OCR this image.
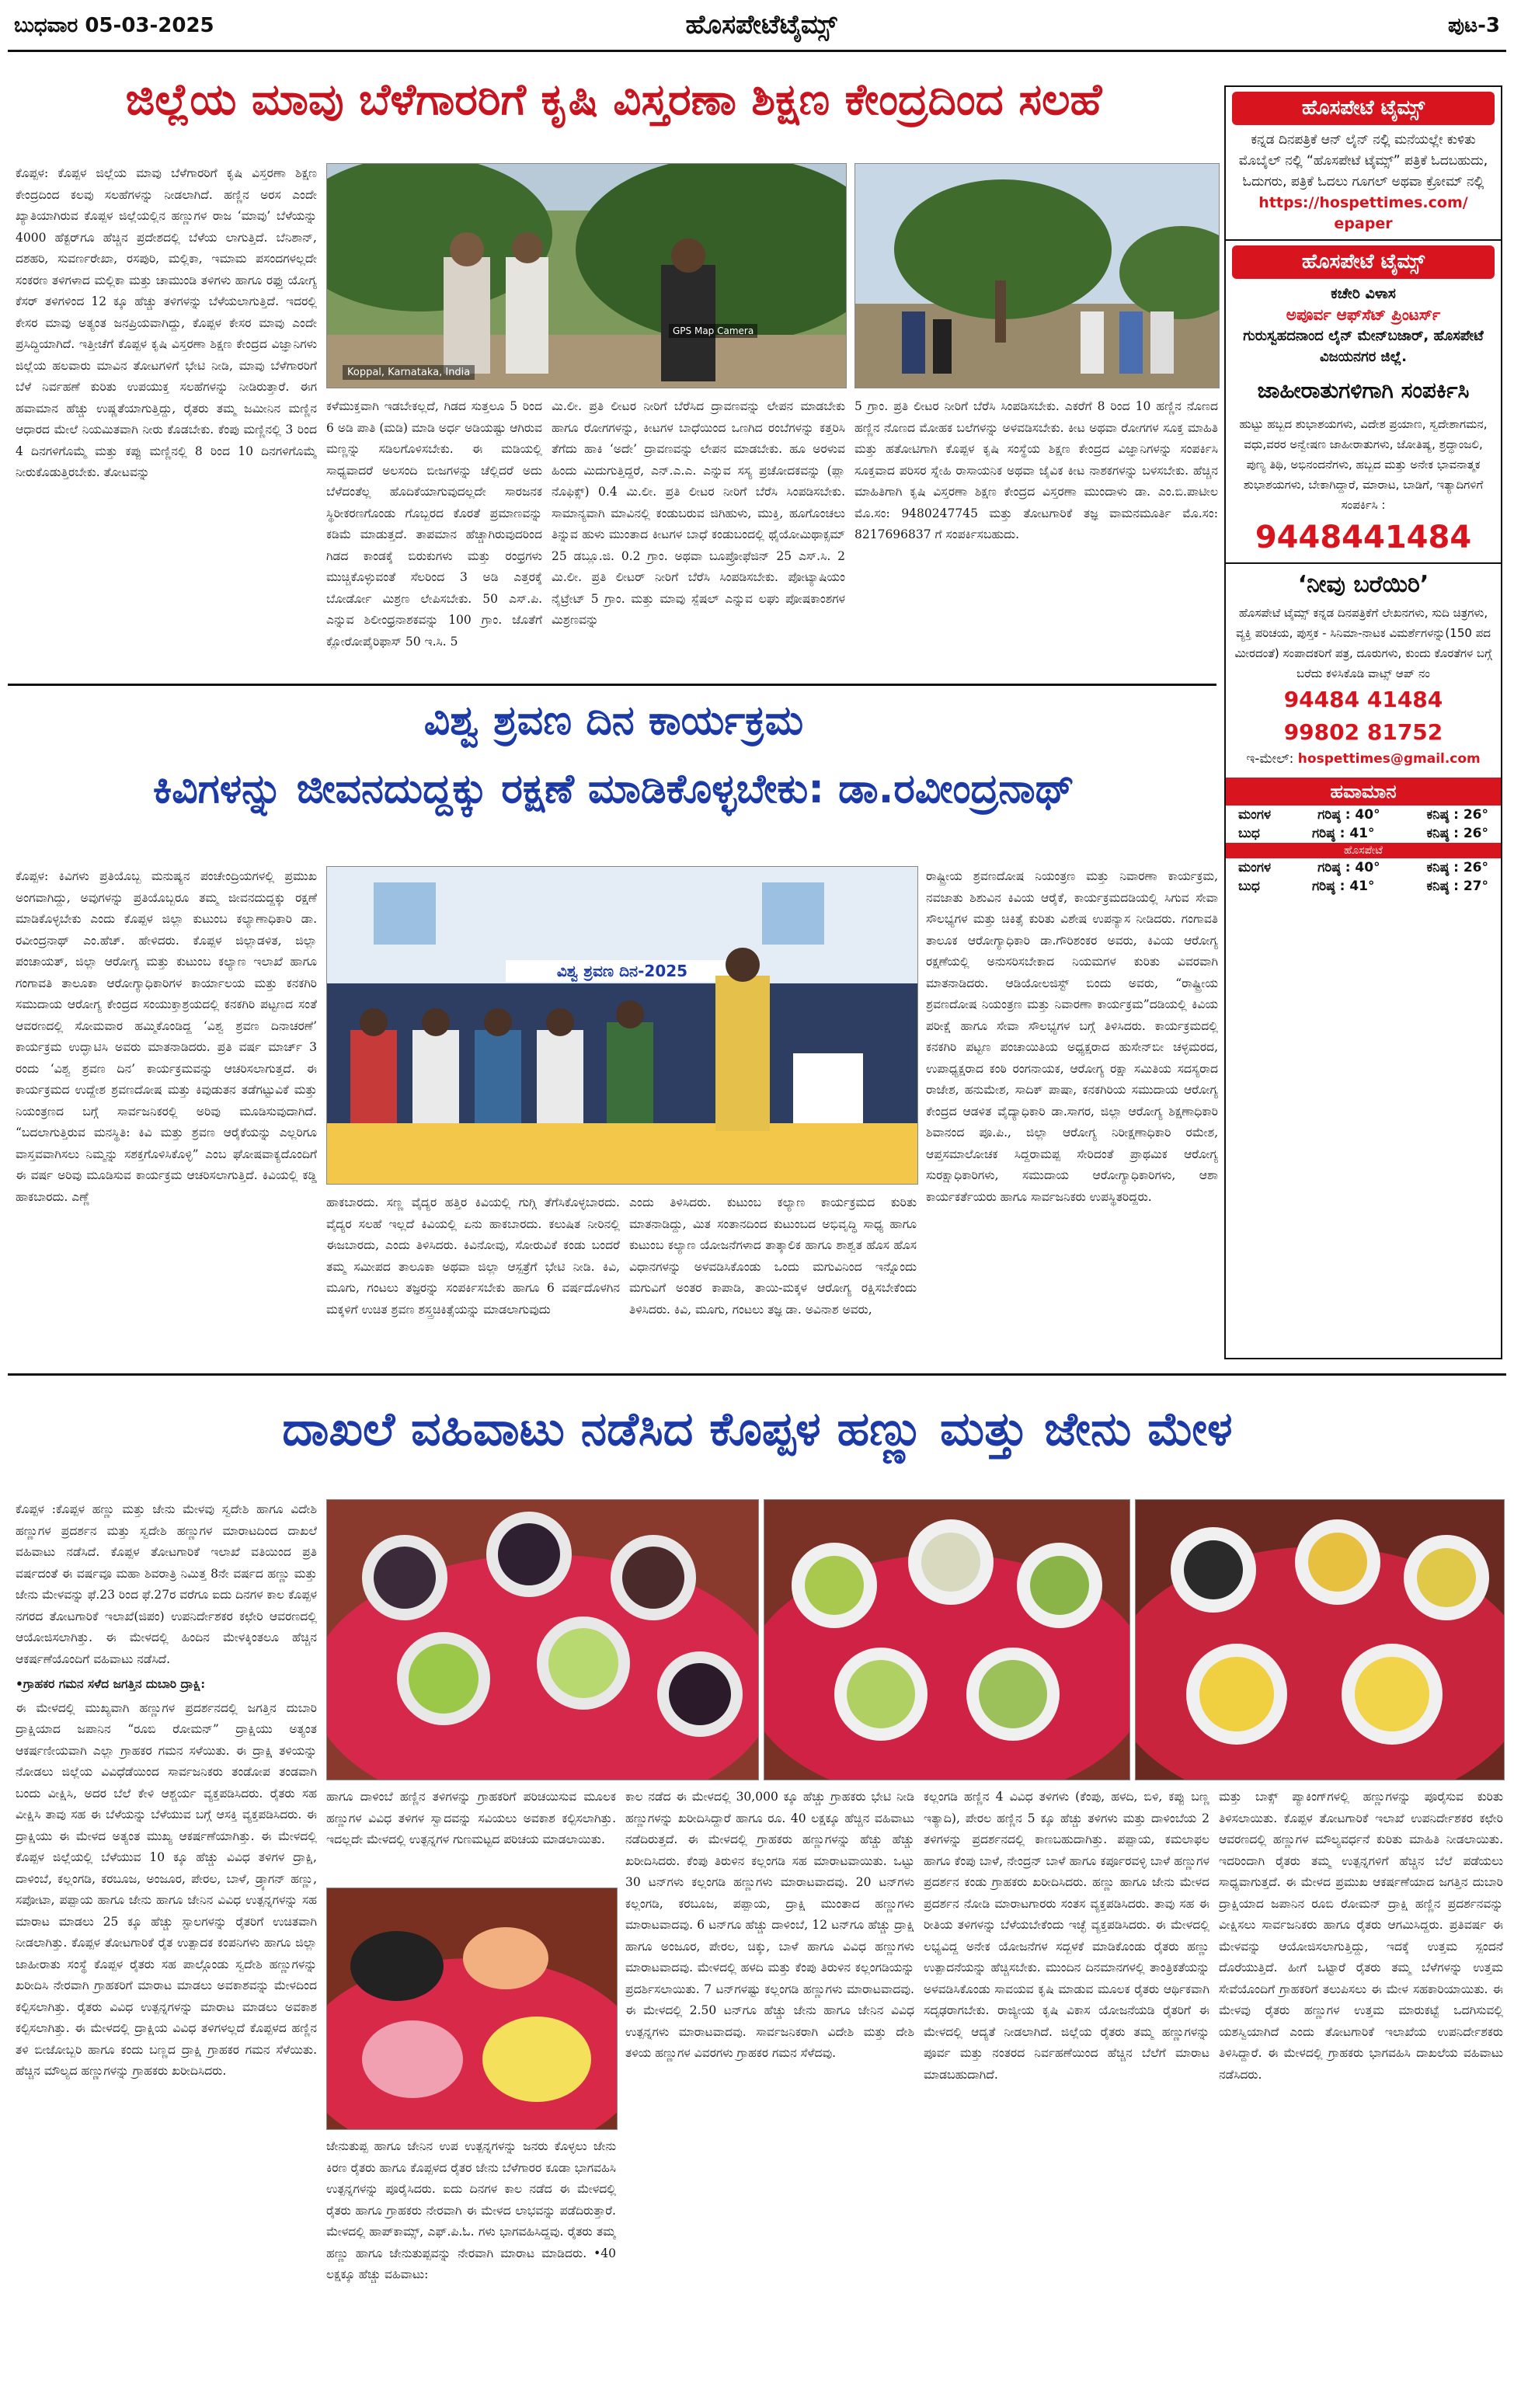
ಬುಧವಾರ 05-03-2025	ಹೊಸಪೇಟೆಟೈಮ್ಸ್	ಪುಟ-3
ಜಿಲ್ಲೆಯ ಮಾವು ಬೆಳೆಗಾರರಿಗೆ ಕೃಷಿ ವಿಸ್ತರಣಾ ಶಿಕ್ಷಣ ಕೇಂದ್ರದಿಂದ ಸಲಹೆ
Koppal, Karnataka, India
GPS Map Camera

ಕೊಪ್ಪಳ: ಕೊಪ್ಪಳ ಜಿಲ್ಲೆಯ ಮಾವು ಬೆಳೆಗಾರರಿಗೆ ಕೃಷಿ ವಿಸ್ತರಣಾ ಶಿಕ್ಷಣ ಕೇಂದ್ರದಿಂದ ಕಲವು ಸಲಹೆಗಳನ್ನು ನೀಡಲಾಗಿದೆ. ಹಣ್ಣಿನ ಅರಸ ಎಂದೇ ಖ್ಯಾತಿಯಾಗಿರುವ ಕೊಪ್ಪಳ ಜಿಲ್ಲೆಯಲ್ಲಿನ ಹಣ್ಣುಗಳ ರಾಜ ‘ಮಾವು’ ಬೆಳೆಯನ್ನು 4000 ಹೆಕ್ಟರ್‌ಗೂ ಹೆಚ್ಚಿನ ಪ್ರದೇಶದಲ್ಲಿ ಬೆಳೆಯ ಲಾಗುತ್ತಿದೆ. ಬೆನಿಶಾನ್, ದಶಹರಿ, ಸುವರ್ಣರೇಖಾ, ರಸಪುರಿ, ಮಲ್ಲಿಕಾ, ಇಮಾಮ ಪಸಂದಗಳಲ್ಲದೇ ಸಂಕರಣ ತಳಿಗಳಾದ ಮಲ್ಲಿಕಾ ಮತ್ತು ಚಾಮುಂಡಿ ತಳಿಗಳು ಹಾಗೂ ರಫ್ತು ಯೋಗ್ಯ ಕೆಸರ್ ತಳಿಗಳಿಂದ 12 ಕ್ಕೂ ಹೆಚ್ಚು ತಳಿಗಳನ್ನು ಬೆಳೆಯಲಾಗುತ್ತಿದೆ. ಇದರಲ್ಲಿ ಕೇಸರ ಮಾವು ಅತ್ಯಂತ ಜನಪ್ರಿಯವಾಗಿದ್ದು, ಕೊಪ್ಪಳ ಕೇಸರ ಮಾವು ಎಂದೇ ಪ್ರಸಿದ್ಧಿಯಾಗಿದೆ. ಇತ್ತೀಚೆಗೆ ಕೊಪ್ಪಳ ಕೃಷಿ ವಿಸ್ತರಣಾ ಶಿಕ್ಷಣ ಕೇಂದ್ರದ ವಿಜ್ಞಾನಿಗಳು ಜಿಲ್ಲೆಯ ಹಲವಾರು ಮಾವಿನ ತೋಟಗಳಿಗೆ ಭೇಟಿ ನೀಡಿ, ಮಾವು ಬೆಳೆಗಾರರಿಗೆ ಬೆಳೆ ನಿರ್ವಹಣೆ ಕುರಿತು ಉಪಯುಕ್ತ ಸಲಹೆಗಳನ್ನು ನೀಡಿರುತ್ತಾರೆ. ಈಗ ಹವಾಮಾನ ಹೆಚ್ಚು ಉಷ್ಣತೆಯಾಗುತ್ತಿದ್ದು, ರೈತರು ತಮ್ಮ ಜಮೀನಿನ ಮಣ್ಣಿನ ಆಧಾರದ ಮೇಲೆ ನಿಯಮಿತವಾಗಿ ನೀರು ಕೊಡಬೇಕು. ಕೆಂಪು ಮಣ್ಣಿನಲ್ಲಿ 3 ರಿಂದ 4 ದಿನಗಳಿಗೊಮ್ಮೆ ಮತ್ತು ಕಪ್ಪು ಮಣ್ಣಿನಲ್ಲಿ 8 ರಿಂದ 10 ದಿನಗಳಿಗೊಮ್ಮೆ ನೀರುಕೊಡುತ್ತಿರಬೇಕು. ತೋಟವನ್ನು

ಕಳೆಮುಕ್ತವಾಗಿ ಇಡಬೇಕಲ್ಲದೆ, ಗಿಡದ ಸುತ್ತಲೂ 5 ರಿಂದ 6 ಅಡಿ ಪಾತಿ (ಮಡಿ) ಮಾಡಿ ಅರ್ಧ ಅಡಿಯಷ್ಟು ಆಗಿರುವ ಮಣ್ಣನ್ನು ಸಡಿಲಗೊಳಿಸಬೇಕು. ಈ ಮಡಿಯಲ್ಲಿ ಸಾಧ್ಯವಾದರೆ ಅಲಸಂದಿ ಬೀಜಗಳನ್ನು ಚೆಲ್ಲಿದರೆ ಅದು ಬೆಳೆದಂತೆಲ್ಲ ಹೊದಿಕೆಯಾಗುವುದಲ್ಲದೇ ಸಾರಜನಕ ಸ್ಥಿರೀಕರಣಗೊಂಡು ಗೊಬ್ಬರದ ಕೊರತೆ ಪ್ರಮಾಣವನ್ನು ಕಡಿಮೆ ಮಾಡುತ್ತದೆ. ತಾಪಮಾನ ಹೆಚ್ಚಾಗಿರುವುದರಿಂದ ಗಿಡದ ಕಾಂಡಕ್ಕೆ ಬಿರುಕುಗಳು ಮತ್ತು ರಂಧ್ರಗಳು ಮುಚ್ಚಿಕೊಳ್ಳುವಂತೆ ಸೆಲರಿಂದ 3 ಅಡಿ ಎತ್ತರಕ್ಕೆ ಬೋರ್ಡೋ ಮಿಶ್ರಣ ಲೇಪಿಸಬೇಕು. 50 ಎಸ್.ಪಿ. ಎನ್ನುವ ಶಿಲೀಂಧ್ರನಾಶಕವನ್ನು 100 ಗ್ರಾಂ. ಜೊತೆಗೆ ಕ್ಲೋರೋಪೈರಿಫಾಸ್ 50 ಇ.ಸಿ. 5

ಮಿ.ಲೀ. ಪ್ರತಿ ಲೀಟರ ನೀರಿಗೆ ಬೆರೆಸಿದ ದ್ರಾವಣವನ್ನು ಲೇಪನ ಮಾಡಬೇಕು ಹಾಗೂ ರೋಗಗಳನ್ನು, ಕೀಟಗಳ ಬಾಧೆಯಿಂದ ಒಣಗಿದ ರಂಬೆಗಳನ್ನು ಕತ್ತರಿಸಿ ತೆಗೆದು ಹಾಕಿ ‘ಅದೇ’ ದ್ರಾವಣವನ್ನು ಲೇಪನ ಮಾಡಬೇಕು. ಹೂ ಅರಳುವ ಹಿಂದು ಮಿದುಗುತ್ತಿದ್ದರೆ, ಎನ್.ಎ.ಎ. ಎನ್ನುವ ಸಸ್ಯ ಪ್ರಚೋದಕವನ್ನು (ಪ್ಲಾ ನೊಫಿಕ್ಸ್) 0.4 ಮಿ.ಲೀ. ಪ್ರತಿ ಲೀಟರ ನೀರಿಗೆ ಬೆರೆಸಿ ಸಿಂಪಡಿಸಬೇಕು. ಸಾಮಾನ್ಯವಾಗಿ ಮಾವಿನಲ್ಲಿ ಕಂಡುಬರುವ ಜಿಗಿಹುಳು, ಮುಕ್ತಿ, ಹೂಗೊಂಚಲು ತಿನ್ನುವ ಹುಳು ಮುಂತಾದ ಕೀಟಗಳ ಬಾಧೆ ಕಂಡುಬಂದಲ್ಲಿ ಥೈಯೋಮಿಥಾಕ್ಸಮ್ 25 ಡಬ್ಲೂ.ಜಿ. 0.2 ಗ್ರಾಂ. ಅಥವಾ ಬೂಪ್ರೋಫೆಜಿನ್ 25 ಎಸ್.ಸಿ. 2 ಮಿ.ಲೀ. ಪ್ರತಿ ಲೀಟರ್ ನೀರಿಗೆ ಬೆರೆಸಿ ಸಿಂಪಡಿಸಬೇಕು. ಪೋಟ್ಯಾಷಿಯಂ ನೈಟ್ರೇಟ್ 5 ಗ್ರಾಂ. ಮತ್ತು ಮಾವು ಸ್ಪೆಷಲ್ ಎನ್ನುವ ಲಘು ಪೋಷಕಾಂಶಗಳ ಮಿಶ್ರಣವನ್ನು

5 ಗ್ರಾಂ. ಪ್ರತಿ ಲೀಟರ ನೀರಿಗೆ ಬೆರೆಸಿ ಸಿಂಪಡಿಸಬೇಕು. ಎಕರೆಗೆ 8 ರಿಂದ 10 ಹಣ್ಣಿನ ನೊಣದ ಹಣ್ಣಿನ ನೊಣದ ಮೋಹಕ ಬಲೆಗಳನ್ನು ಅಳವಡಿಸಬೇಕು. ಕೀಟ ಅಥವಾ ರೋಗಗಳ ಸೂಕ್ತ ಮಾಹಿತಿ ಮತ್ತು ಹತೋಟಿಗಾಗಿ ಕೊಪ್ಪಳ ಕೃಷಿ ಸಂಸ್ಥೆಯ ಶಿಕ್ಷಣ ಕೇಂದ್ರದ ವಿಜ್ಞಾನಿಗಳನ್ನು ಸಂಪರ್ಕಿಸಿ ಸೂಕ್ತವಾದ ಪರಿಸರ ಸ್ನೇಹಿ ರಾಸಾಯನಿಕ ಅಥವಾ ಜೈವಿಕ ಕೀಟ ನಾಶಕಗಳನ್ನು ಬಳಸಬೇಕು. ಹೆಚ್ಚಿನ ಮಾಹಿತಿಗಾಗಿ ಕೃಷಿ ವಿಸ್ತರಣಾ ಶಿಕ್ಷಣ ಕೇಂದ್ರದ ವಿಸ್ತರಣಾ ಮುಂದಾಳು ಡಾ. ಎಂ.ಬಿ.ಪಾಟೀಲ ಮೊ.ಸಂ: 9480247745 ಮತ್ತು ತೋಟಗಾರಿಕೆ ತಜ್ಞ ವಾಮನಮೂರ್ತಿ ಮೊ.ಸಂ: 8217696837 ಗೆ ಸಂಪರ್ಕಿಸಬಹುದು.

ವಿಶ್ವ ಶ್ರವಣ ದಿನ ಕಾರ್ಯಕ್ರಮ
ಕಿವಿಗಳನ್ನು ಜೀವನದುದ್ದಕ್ಕು ರಕ್ಷಣೆ ಮಾಡಿಕೊಳ್ಳಬೇಕು: ಡಾ.ರವೀಂದ್ರನಾಥ್
ವಿಶ್ವ ಶ್ರವಣ ದಿನ-2025

ಕೊಪ್ಪಳ: ಕಿವಿಗಳು ಪ್ರತಿಯೊಬ್ಬ ಮನುಷ್ಯನ ಪಂಚೇಂದ್ರಿಯಗಳಲ್ಲಿ ಪ್ರಮುಖ ಅಂಗವಾಗಿದ್ದು, ಅವುಗಳನ್ನು ಪ್ರತಿಯೊಬ್ಬರೂ ತಮ್ಮ ಜೀವನದುದ್ದಕ್ಕು ರಕ್ಷಣೆ ಮಾಡಿಕೊಳ್ಳಬೇಕು ಎಂದು ಕೊಪ್ಪಳ ಜಿಲ್ಲಾ ಕುಟುಂಬ ಕಲ್ಯಾಣಾಧಿಕಾರಿ ಡಾ. ರವೀಂದ್ರನಾಥ್ ಎಂ.ಹೆಚ್. ಹೇಳಿದರು. ಕೊಪ್ಪಳ ಜಿಲ್ಲಾಡಳಿತ, ಜಿಲ್ಲಾ ಪಂಚಾಯತ್, ಜಿಲ್ಲಾ ಆರೋಗ್ಯ ಮತ್ತು ಕುಟುಂಬ ಕಲ್ಯಾಣ ಇಲಾಖೆ ಹಾಗೂ ಗಂಗಾವತಿ ತಾಲೂಕಾ ಆರೋಗ್ಯಾಧಿಕಾರಿಗಳ ಕಾರ್ಯಾಲಯ ಮತ್ತು ಕನಕಗಿರಿ ಸಮುದಾಯ ಆರೋಗ್ಯ ಕೇಂದ್ರದ ಸಂಯುಕ್ತಾಶ್ರಯದಲ್ಲಿ ಕನಕಗಿರಿ ಪಟ್ಟಣದ ಸಂತೆ ಆವರಣದಲ್ಲಿ ಸೋಮವಾರ ಹಮ್ಮಿಕೊಂಡಿದ್ದ ‘ವಿಶ್ವ ಶ್ರವಣ ದಿನಾಚರಣೆ’ ಕಾರ್ಯಕ್ರಮ ಉದ್ಘಾಟಿಸಿ ಅವರು ಮಾತನಾಡಿದರು. ಪ್ರತಿ ವರ್ಷ ಮಾರ್ಚ್ 3 ರಂದು ‘ವಿಶ್ವ ಶ್ರವಣ ದಿನ’ ಕಾರ್ಯಕ್ರಮವನ್ನು ಆಚರಿಸಲಾಗುತ್ತದೆ. ಈ ಕಾರ್ಯಕ್ರಮದ ಉದ್ದೇಶ ಶ್ರವಣದೋಷ ಮತ್ತು ಕಿವುಡುತನ ತಡೆಗಟ್ಟುವಿಕೆ ಮತ್ತು ನಿಯಂತ್ರಣದ ಬಗ್ಗೆ ಸಾರ್ವಜನಿಕರಲ್ಲಿ ಅರಿವು ಮೂಡಿಸುವುದಾಗಿದೆ. “ಬದಲಾಗುತ್ತಿರುವ ಮನಸ್ಥಿತಿ: ಕಿವಿ ಮತ್ತು ಶ್ರವಣ ಆರೈಕೆಯನ್ನು ಎಲ್ಲರಿಗೂ ವಾಸ್ತವವಾಗಿಸಲು ನಿಮ್ಮನ್ನು ಸಶಕ್ತಗೊಳಿಸಿಕೊಳ್ಳಿ” ಎಂಬ ಘೋಷವಾಕ್ಯದೊಂದಿಗೆ ಈ ವರ್ಷ ಅರಿವು ಮೂಡಿಸುವ ಕಾರ್ಯಕ್ರಮ ಆಚರಿಸಲಾಗುತ್ತಿದೆ. ಕಿವಿಯಲ್ಲಿ ಕಡ್ಡಿ ಹಾಕಬಾರದು. ಎಣ್ಣೆ	ಹಾಕಬಾರದು. ಸಣ್ಣ ವೈದ್ಯರ ಹತ್ತಿರ ಕಿವಿಯಲ್ಲಿ ಗುಗ್ಗಿ ತೆಗೆಸಿಕೊಳ್ಳಬಾರದು. ವೈದ್ಯರ ಸಲಹೆ ಇಲ್ಲದೆ ಕಿವಿಯಲ್ಲಿ ಏನು ಹಾಕಬಾರದು. ಕಲುಷಿತ ನೀರಿನಲ್ಲಿ ಈಜಬಾರದು, ಎಂದು ತಿಳಿಸಿದರು. ಕಿವಿನೋವು, ಸೋರುವಿಕೆ ಕಂಡು ಬಂದರೆ ತಮ್ಮ ಸಮೀಪದ ತಾಲೂಕಾ ಅಥವಾ ಜಿಲ್ಲಾ ಆಸ್ಪತ್ರೆಗೆ ಭೇಟಿ ನೀಡಿ. ಕಿವಿ, ಮೂಗು, ಗಂಟಲು ತಜ್ಞರನ್ನು ಸಂಪರ್ಕಿಸಬೇಕು ಹಾಗೂ 6 ವರ್ಷದೊಳಗಿನ ಮಕ್ಕಳಿಗೆ ಉಚಿತ ಶ್ರವಣ ಶಸ್ತ್ರಚಿಕಿತ್ಸೆಯನ್ನು ಮಾಡಲಾಗುವುದು

ಎಂದು ತಿಳಿಸಿದರು. ಕುಟುಂಬ ಕಲ್ಯಾಣ ಕಾರ್ಯಕ್ರಮದ ಕುರಿತು ಮಾತನಾಡಿದ್ದು, ಮಿತ ಸಂತಾನದಿಂದ ಕುಟುಂಬದ ಅಭಿವೃದ್ಧಿ ಸಾಧ್ಯ ಹಾಗೂ ಕುಟುಂಬ ಕಲ್ಯಾಣ ಯೋಜನೆಗಳಾದ ತಾತ್ಕಾಲಿಕ ಹಾಗೂ ಶಾಶ್ವತ ಹೊಸ ಹೊಸ ವಿಧಾನಗಳನ್ನು ಅಳವಡಿಸಿಕೊಂಡು ಒಂದು ಮಗುವಿನಿಂದ ಇನ್ನೊಂದು ಮಗುವಿಗೆ ಅಂತರ ಕಾಪಾಡಿ, ತಾಯಿ-ಮಕ್ಕಳ ಆರೋಗ್ಯ ರಕ್ಷಿಸಬೇಕೆಂದು ತಿಳಿಸಿದರು. ಕಿವಿ, ಮೂಗು, ಗಂಟಲು ತಜ್ಞ ಡಾ. ಅವಿನಾಶ ಅವರು,

ರಾಷ್ಟ್ರೀಯ ಶ್ರವಣದೋಷ ನಿಯಂತ್ರಣ ಮತ್ತು ನಿವಾರಣಾ ಕಾರ್ಯಕ್ರಮ, ನವಜಾತು ಶಿಶುವಿನ ಕಿವಿಯ ಆರೈಕೆ, ಕಾರ್ಯಕ್ರಮದಡಿಯಲ್ಲಿ ಸಿಗುವ ಸೇವಾ ಸೌಲಭ್ಯಗಳ ಮತ್ತು ಚಿಕಿತ್ಸೆ ಕುರಿತು ವಿಶೇಷ ಉಪನ್ಯಾಸ ನೀಡಿದರು. ಗಂಗಾವತಿ ತಾಲೂಕ ಆರೋಗ್ಯಾಧಿಕಾರಿ ಡಾ.ಗೌರಿಶಂಕರ ಅವರು, ಕಿವಿಯ ಆರೋಗ್ಯ ರಕ್ಷಣೆಯಲ್ಲಿ ಅನುಸರಿಸಬೇಕಾದ ನಿಯಮಗಳ ಕುರಿತು ವಿವರವಾಗಿ ಮಾತನಾಡಿದರು. ಆಡಿಯೋಲಜಿಸ್ಟ್ ಬಿಂದು ಅವರು, “ರಾಷ್ಟ್ರೀಯ ಶ್ರವಣದೋಷ ನಿಯಂತ್ರಣ ಮತ್ತು ನಿವಾರಣಾ ಕಾರ್ಯಕ್ರಮ”ದಡಿಯಲ್ಲಿ ಕಿವಿಯ ಪರೀಕ್ಷೆ ಹಾಗೂ ಸೇವಾ ಸೌಲಭ್ಯಗಳ ಬಗ್ಗೆ ತಿಳಿಸಿದರು. ಕಾರ್ಯಕ್ರಮದಲ್ಲಿ ಕನಕಗಿರಿ ಪಟ್ಟಣ ಪಂಚಾಯಿತಿಯ ಅಧ್ಯಕ್ಷರಾದ ಹುಸೇನ್‌ಬೀ ಚಳ್ಳಮರದ, ಉಪಾಧ್ಯಕ್ಷರಾದ ಕಂಠಿ ರಂಗನಾಯಕ, ಆರೋಗ್ಯ ರಕ್ಷಾ ಸಮಿತಿಯ ಸದಸ್ಯರಾದ ರಾಜೇಶ, ಹನುಮೇಶ, ಸಾದಿಕ್ ಪಾಷಾ, ಕನಕಗಿರಿಯ ಸಮುದಾಯ ಆರೋಗ್ಯ ಕೇಂದ್ರದ ಆಡಳಿತ ವೈದ್ಯಾಧಿಕಾರಿ ಡಾ.ಸಾಗರ, ಜಿಲ್ಲಾ ಆರೋಗ್ಯ ಶಿಕ್ಷಣಾಧಿಕಾರಿ ಶಿವಾನಂದ ಪೂ.ಪಿ., ಜಿಲ್ಲಾ ಆರೋಗ್ಯ ನಿರೀಕ್ಷಣಾಧಿಕಾರಿ ರಮೇಶ, ಆಪ್ತಸಮಾಲೋಚಕ ಸಿದ್ದರಾಮಪ್ಪ ಸೇರಿದಂತೆ ಪ್ರಾಥಮಿಕ ಆರೋಗ್ಯ ಸುರಕ್ಷಾಧಿಕಾರಿಗಳು, ಸಮುದಾಯ ಆರೋಗ್ಯಾಧಿಕಾರಿಗಳು, ಆಶಾ ಕಾರ್ಯಕರ್ತೆಯರು ಹಾಗೂ ಸಾರ್ವಜನಿಕರು ಉಪಸ್ಥಿತರಿದ್ದರು.

ಹೊಸಪೇಟೆ ಟೈಮ್ಸ್
ಕನ್ನಡ ದಿನಪತ್ರಿಕೆ ಆನ್ ಲೈನ್ ನಲ್ಲಿ ಮನೆಯಲ್ಲೇ ಕುಳಿತು ಮೊಬೈಲ್ ನಲ್ಲಿ “ಹೊಸಪೇಟೆ ಟೈಮ್ಸ್” ಪತ್ರಿಕೆ ಓದಬಹುದು, ಓದುಗರು, ಪತ್ರಿಕೆ ಓದಲು ಗೂಗಲ್ ಅಥವಾ ಕ್ರೋಮ್ ನಲ್ಲಿ
https://hospettimes.com/
epaper
ಹೊಸಪೇಟೆ ಟೈಮ್ಸ್
ಕಚೇರಿ ವಿಳಾಸ
ಅಪೂರ್ವ ಆಫ್‌ಸೆಟ್ ಪ್ರಿಂಟರ್ಸ್
ಗುರುಸ್ವಹದನಾಂದ ಲೈನ್ ಮೇನ್‌ಬಜಾರ್, ಹೊಸಪೇಟೆ ವಿಜಯನಗರ ಜಿಲ್ಲೆ.
ಜಾಹೀರಾತುಗಳಿಗಾಗಿ ಸಂಪರ್ಕಿಸಿ
ಹುಟ್ಟು ಹಬ್ಬದ ಶುಭಾಶಯಗಳು, ವಿದೇಶ ಪ್ರಯಾಣ, ಸ್ವದೇಶಾಗಮನ, ವಧು,ವರರ ಅನ್ವೇಷಣ ಜಾಹೀರಾತುಗಳು, ಜೋತಿಷ್ಯ, ಶ್ರದ್ಧಾಂಜಲಿ, ಪುಣ್ಯ ತಿಥಿ, ಅಭಿನಂದನೆಗಳು, ಹಬ್ಬದ ಮತ್ತು ಅನೇಕ ಭಾವನಾತ್ಮಕ ಶುಭಾಶಯಗಳು, ಬೇಕಾಗಿದ್ದಾರೆ, ಮಾರಾಟ, ಬಾಡಿಗೆ, ಇತ್ಯಾದಿಗಳಿಗೆ
ಸಂಪರ್ಕಿಸಿ :
9448441484
‘ನೀವು ಬರೆಯಿರಿ’
ಹೊಸಪೇಟೆ ಟೈಮ್ಸ್ ಕನ್ನಡ ದಿನಪತ್ರಿಕೆಗೆ ಲೇಖನಗಳು, ಸುದಿ ಚಿತ್ರಗಳು, ವ್ಯಕ್ತಿ ಪರಿಚಯ, ಪುಸ್ತಕ - ಸಿನಿಮಾ-ನಾಟಕ ವಿಮರ್ಶೆಗಳನ್ನು(150 ಪದ ಮೀರದಂತೆ) ಸಂಪಾದಕರಿಗೆ ಪತ್ರ, ದೂರುಗಳು, ಕುಂದು ಕೊರತೆಗಳ ಬಗ್ಗೆ ಬರೆದು ಕಳಿಸಿಕೊಡಿ ವಾಟ್ಸ್ ಆಪ್ ನಂ
94484 41484
99802 81752
ಇ-ಮೇಲ್: hospettimes@gmail.com
ಹವಾಮಾನ
ಮಂಗಳ	ಗರಿಷ್ಠ : 40°	ಕನಿಷ್ಠ : 26°
ಬುಧ	ಗರಿಷ್ಠ : 41°	ಕನಿಷ್ಠ : 26°
ಹೊಸಪೇಟೆ
ಮಂಗಳ	ಗರಿಷ್ಠ : 40°	ಕನಿಷ್ಠ : 26°
ಬುಧ	ಗರಿಷ್ಠ : 41°	ಕನಿಷ್ಠ : 27°
ದಾಖಲೆ ವಹಿವಾಟು ನಡೆಸಿದ ಕೊಪ್ಪಳ ಹಣ್ಣು ಮತ್ತು ಜೇನು ಮೇಳ

ಕೊಪ್ಪಳ :ಕೊಪ್ಪಳ ಹಣ್ಣು ಮತ್ತು ಜೇನು ಮೇಳವು ಸ್ವದೇಶಿ ಹಾಗೂ ವಿದೇಶಿ ಹಣ್ಣುಗಳ ಪ್ರದರ್ಶನ ಮತ್ತು ಸ್ವದೇಶಿ ಹಣ್ಣುಗಳ ಮಾರಾಟದಿಂದ ದಾಖಲೆ ವಹಿವಾಟು ನಡೆಸಿದೆ. ಕೊಪ್ಪಳ ತೋಟಗಾರಿಕೆ ಇಲಾಖೆ ವತಿಯಿಂದ ಪ್ರತಿ ವರ್ಷದಂತೆ ಈ ವರ್ಷವೂ ಮಹಾ ಶಿವರಾತ್ರಿ ನಿಮಿತ್ತ 8ನೇ ವರ್ಷದ ಹಣ್ಣು ಮತ್ತು ಜೇನು ಮೇಳವನ್ನು ಫೆ.23 ರಿಂದ ಫೆ.27ರ ವರೆಗೂ ಐದು ದಿನಗಳ ಕಾಲ ಕೊಪ್ಪಳ ನಗರದ ತೋಟಗಾರಿಕೆ ಇಲಾಖೆ(ಜಿಪಂ) ಉಪನಿರ್ದೇಶಕರ ಕಛೇರಿ ಆವರಣದಲ್ಲಿ ಆಯೋಜಿಸಲಾಗಿತ್ತು. ಈ ಮೇಳದಲ್ಲಿ ಹಿಂದಿನ ಮೇಳಕ್ಕಿಂತಲೂ ಹೆಚ್ಚಿನ ಆಕರ್ಷಣೆಯೊಂದಿಗೆ ವಹಿವಾಟು ನಡೆಸಿದೆ.

•ಗ್ರಾಹಕರ ಗಮನ ಸಳೆದ ಜಗತ್ತಿನ ದುಬಾರಿ ದ್ರಾಕ್ಷಿ:

ಈ ಮೇಳದಲ್ಲಿ ಮುಖ್ಯವಾಗಿ ಹಣ್ಣುಗಳ ಪ್ರದರ್ಶನದಲ್ಲಿ ಜಗತ್ತಿನ ದುಬಾರಿ ದ್ರಾಕ್ಷಿಯಾದ ಜಪಾನಿನ “ರೂಬಿ ರೋಮನ್” ದ್ರಾಕ್ಷಿಯು ಅತ್ಯಂತ ಆಕರ್ಷಣೀಯವಾಗಿ ಎಲ್ಲಾ ಗ್ರಾಹಕರ ಗಮನ ಸಳೆಯಿತು. ಈ ದ್ರಾಕ್ಷಿ ತಳಿಯನ್ನು ನೋಡಲು ಜಿಲ್ಲೆಯ ವಿವಿಧೆಡೆಯಿಂದ ಸಾರ್ವಜನಿಕರು ತಂಡೋಪ ತಂಡವಾಗಿ ಬಂದು ವೀಕ್ಷಿಸಿ, ಅದರ ಬೆಲೆ ಕೇಳಿ ಆಶ್ಚರ್ಯ ವ್ಯಕ್ತಪಡಿಸಿದರು. ರೈತರು ಸಹ ವೀಕ್ಷಿಸಿ ತಾವು ಸಹ ಈ ಬೆಳೆಯನ್ನು ಬೆಳೆಯುವ ಬಗ್ಗೆ ಆಸಕ್ತಿ ವ್ಯಕ್ತಪಡಿಸಿದರು. ಈ ದ್ರಾಕ್ಷಿಯು ಈ ಮೇಳದ ಅತ್ಯಂತ ಮುಖ್ಯ ಆಕರ್ಷಣೆಯಾಗಿತ್ತು. ಈ ಮೇಳದಲ್ಲಿ ಕೊಪ್ಪಳ ಜಿಲ್ಲೆಯಲ್ಲಿ ಬೆಳೆಯುವ 10 ಕ್ಕೂ ಹೆಚ್ಚು ವಿವಿಧ ತಳಿಗಳ ದ್ರಾಕ್ಷಿ, ದಾಳಿಂಬೆ, ಕಲ್ಲಂಗಡಿ, ಕರಬೂಜ, ಅಂಜೂರ, ಪೇರಲ, ಬಾಳೆ, ಡ್ರ್ಯಾಗನ್ ಹಣ್ಣು, ಸಪೋಟಾ, ಪಪ್ಪಾಯ ಹಾಗೂ ಜೇನು ಹಾಗೂ ಜೇನಿನ ವಿವಿಧ ಉತ್ಪನ್ನಗಳನ್ನು ಸಹ ಮಾರಾಟ ಮಾಡಲು 25 ಕ್ಕೂ ಹೆಚ್ಚು ಸ್ಟಾಲಗಳನ್ನು ರೈತರಿಗೆ ಉಚಿತವಾಗಿ ನೀಡಲಾಗಿತ್ತು. ಕೊಪ್ಪಳ ತೋಟಗಾರಿಕೆ ರೈತ ಉತ್ಪಾದಕ ಕಂಪನಿಗಳು ಹಾಗೂ ಜಿಲ್ಲಾ ಜಾಹೀರಾತು ಸಂಸ್ಥೆ ಕೊಪ್ಪಳ ರೈತರು ಸಹ ಪಾಲ್ಗೊಂಡು ಸ್ವದೇಶಿ ಹಣ್ಣುಗಳನ್ನು ಖರೀದಿಸಿ ನೇರವಾಗಿ ಗ್ರಾಹಕರಿಗೆ ಮಾರಾಟ ಮಾಡಲು ಅವಕಾಶವನ್ನು ಮೇಳದಿಂದ ಕಲ್ಪಿಸಲಾಗಿತ್ತು. ರೈತರು ವಿವಿಧ ಉತ್ಪನ್ನಗಳನ್ನು ಮಾರಾಟ ಮಾಡಲು ಅವಕಾಶ ಕಲ್ಪಿಸಲಾಗಿತ್ತು. ಈ ಮೇಳದಲ್ಲಿ ದ್ರಾಕ್ಷಿಯ ವಿವಿಧ ತಳಿಗಳಲ್ಲದೆ ಕೊಪ್ಪಳದ ಹಣ್ಣಿನ ತಳಿ ಬೀಜೋಬ್ಬರಿ ಹಾಗೂ ಕಂದು ಬಣ್ಣದ ದ್ರಾಕ್ಷಿ ಗ್ರಾಹಕರ ಗಮನ ಸೆಳೆಯಿತು. ಹೆಚ್ಚಿನ ಮೌಲ್ಯದ ಹಣ್ಣುಗಳನ್ನು ಗ್ರಾಹಕರು ಖರೀದಿಸಿದರು.

ಹಾಗೂ ದಾಳಿಂಬೆ ಹಣ್ಣಿನ ತಳಿಗಳನ್ನು ಗ್ರಾಹಕರಿಗೆ ಪರಿಚಯಿಸುವ ಮೂಲಕ ಹಣ್ಣುಗಳ ವಿವಿಧ ತಳಿಗಳ ಸ್ವಾದವನ್ನು ಸವಿಯಲು ಅವಕಾಶ ಕಲ್ಪಿಸಲಾಗಿತ್ತು. ಇದಲ್ಲದೇ ಮೇಳದಲ್ಲಿ ಉತ್ಪನ್ನಗಳ ಗುಣಮಟ್ಟದ ಪರಿಚಯ ಮಾಡಲಾಯಿತು.

ಜೇನುತುಪ್ಪ ಹಾಗೂ ಜೇನಿನ ಉಪ ಉತ್ಪನ್ನಗಳನ್ನು ಜನರು ಕೊಳ್ಳಲು ಜೇನು ಕಿರಣ ರೈತರು ಹಾಗೂ ಕೊಪ್ಪಳದ ರೈತರ ಜೇನು ಬೆಳೆಗಾರರ ಕೂಡಾ ಭಾಗವಹಿಸಿ ಉತ್ಪನ್ನಗಳನ್ನು ಪೂರೈಸಿದರು. ಐದು ದಿನಗಳ ಕಾಲ ನಡೆದ ಈ ಮೇಳದಲ್ಲಿ ರೈತರು ಹಾಗೂ ಗ್ರಾಹಕರು ನೇರವಾಗಿ ಈ ಮೇಳದ ಲಾಭವನ್ನು ಪಡೆದಿರುತ್ತಾರೆ. ಮೇಳದಲ್ಲಿ ಹಾಪ್‌ಕಾಮ್ಸ್, ಎಫ್.ಪಿ.ಓ. ಗಳು ಭಾಗವಹಿಸಿದ್ದವು. ರೈತರು ತಮ್ಮ ಹಣ್ಣು ಹಾಗೂ ಜೇನುತುಪ್ಪವನ್ನು ನೇರವಾಗಿ ಮಾರಾಟ ಮಾಡಿದರು. •40 ಲಕ್ಷಕ್ಕೂ ಹೆಚ್ಚು ವಹಿವಾಟು:

ಕಾಲ ನಡೆದ ಈ ಮೇಳದಲ್ಲಿ 30,000 ಕ್ಕೂ ಹೆಚ್ಚು ಗ್ರಾಹಕರು ಭೇಟಿ ನೀಡಿ ಹಣ್ಣುಗಳನ್ನು ಖರೀದಿಸಿದ್ದಾರೆ ಹಾಗೂ ರೂ. 40 ಲಕ್ಷಕ್ಕೂ ಹೆಚ್ಚಿನ ವಹಿವಾಟು ನಡೆದಿರುತ್ತದೆ. ಈ ಮೇಳದಲ್ಲಿ ಗ್ರಾಹಕರು ಹಣ್ಣುಗಳನ್ನು ಹೆಚ್ಚು ಹೆಚ್ಚು ಖರೀದಿಸಿದರು. ಕೆಂಪು ತಿರುಳಿನ ಕಲ್ಲಂಗಡಿ ಸಹ ಮಾರಾಟವಾಯಿತು. ಒಟ್ಟು 30 ಟನ್‌ಗಳು ಕಲ್ಲಂಗಡಿ ಹಣ್ಣುಗಳು ಮಾರಾಟವಾದವು. 20 ಟನ್‌ಗಳು ಕಲ್ಲಂಗಡಿ, ಕರಬೂಜ, ಪಪ್ಪಾಯ, ದ್ರಾಕ್ಷಿ ಮುಂತಾದ ಹಣ್ಣುಗಳು ಮಾರಾಟವಾದವು. 6 ಟನ್‌ಗೂ ಹೆಚ್ಚು ದಾಳಿಂಬೆ, 12 ಟನ್‌ಗೂ ಹೆಚ್ಚು ದ್ರಾಕ್ಷಿ ಹಾಗೂ ಅಂಜೂರ, ಪೇರಲ, ಚಿಕ್ಕು, ಬಾಳೆ ಹಾಗೂ ವಿವಿಧ ಹಣ್ಣುಗಳು ಮಾರಾಟವಾದವು. ಮೇಳದಲ್ಲಿ ಹಳದಿ ಮತ್ತು ಕೆಂಪು ತಿರುಳಿನ ಕಲ್ಲಂಗಡಿಯನ್ನು ಪ್ರದರ್ಶಿಸಲಾಯಿತು. 7 ಟನ್‌ಗಳಷ್ಟು ಕಲ್ಲಂಗಡಿ ಹಣ್ಣುಗಳು ಮಾರಾಟವಾದವು. ಈ ಮೇಳದಲ್ಲಿ 2.50 ಟನ್‌ಗೂ ಹೆಚ್ಚು ಜೇನು ಹಾಗೂ ಜೇನಿನ ವಿವಿಧ ಉತ್ಪನ್ನಗಳು ಮಾರಾಟವಾದವು. ಸಾರ್ವಜನಿಕರಾಗಿ ವಿದೇಶಿ ಮತ್ತು ದೇಶಿ ತಳಿಯ ಹಣ್ಣುಗಳ ವಿವರಗಳು ಗ್ರಾಹಕರ ಗಮನ ಸೆಳೆದವು.

ಕಲ್ಲಂಗಡಿ ಹಣ್ಣಿನ 4 ವಿವಿಧ ತಳಿಗಳು (ಕೆಂಪು, ಹಳದಿ, ಬಿಳಿ, ಕಪ್ಪು ಬಣ್ಣ ಇತ್ಯಾದಿ), ಪೇರಲ ಹಣ್ಣಿನ 5 ಕ್ಕೂ ಹೆಚ್ಚು ತಳಿಗಳು ಮತ್ತು ದಾಳಿಂಬೆಯ 2 ತಳಿಗಳನ್ನು ಪ್ರದರ್ಶನದಲ್ಲಿ ಕಾಣಬಹುದಾಗಿತ್ತು. ಪಪ್ಪಾಯ, ಕಮಲಾಫಲ ಹಾಗೂ ಕೆಂಪು ಬಾಳೆ, ನೇಂದ್ರನ್ ಬಾಳೆ ಹಾಗೂ ಕರ್ಪೂರವಳ್ಳಿ ಬಾಳೆ ಹಣ್ಣುಗಳ ಪ್ರದರ್ಶನ ಕಂಡು ಗ್ರಾಹಕರು ಖರೀದಿಸಿದರು. ಹಣ್ಣು ಹಾಗೂ ಜೇನು ಮೇಳದ ಪ್ರದರ್ಶನ ನೋಡಿ ಮಾರಾಟಗಾರರು ಸಂತಸ ವ್ಯಕ್ತಪಡಿಸಿದರು. ತಾವು ಸಹ ಈ ರೀತಿಯ ತಳಿಗಳನ್ನು ಬೆಳೆಯಬೇಕೆಂದು ಇಚ್ಛೆ ವ್ಯಕ್ತಪಡಿಸಿದರು. ಈ ಮೇಳದಲ್ಲಿ ಲಭ್ಯವಿದ್ದ ಅನೇಕ ಯೋಜನೆಗಳ ಸದ್ಬಳಕೆ ಮಾಡಿಕೊಂಡು ರೈತರು ಹಣ್ಣು ಉತ್ಪಾದನೆಯನ್ನು ಹೆಚ್ಚಿಸಬೇಕು. ಮುಂದಿನ ದಿನಮಾನಗಳಲ್ಲಿ ತಾಂತ್ರಿಕತೆಯನ್ನು ಅಳವಡಿಸಿಕೊಂಡು ಸಾವಯವ ಕೃಷಿ ಮಾಡುವ ಮೂಲಕ ರೈತರು ಆರ್ಥಿಕವಾಗಿ ಸದೃಢರಾಗಬೇಕು. ರಾಜ್ಯೀಯ ಕೃಷಿ ವಿಕಾಸ ಯೋಜನೆಯಡಿ ರೈತರಿಗೆ ಈ ಮೇಳದಲ್ಲಿ ಆದ್ಯತೆ ನೀಡಲಾಗಿದೆ. ಜಿಲ್ಲೆಯ ರೈತರು ತಮ್ಮ ಹಣ್ಣುಗಳನ್ನು ಪೂರ್ವ ಮತ್ತು ನಂತರದ ನಿರ್ವಹಣೆಯಿಂದ ಹೆಚ್ಚಿನ ಬೆಲೆಗೆ ಮಾರಾಟ ಮಾಡಬಹುದಾಗಿದೆ.

ಮತ್ತು ಬಾಕ್ಸ್ ಪ್ಯಾಕಿಂಗ್‌ಗಳಲ್ಲಿ ಹಣ್ಣುಗಳನ್ನು ಪೂರೈಸುವ ಕುರಿತು ತಿಳಿಸಲಾಯಿತು. ಕೊಪ್ಪಳ ತೋಟಗಾರಿಕೆ ಇಲಾಖೆ ಉಪನಿರ್ದೇಶಕರ ಕಛೇರಿ ಆವರಣದಲ್ಲಿ ಹಣ್ಣುಗಳ ಮೌಲ್ಯವರ್ಧನೆ ಕುರಿತು ಮಾಹಿತಿ ನೀಡಲಾಯಿತು. ಇದರಿಂದಾಗಿ ರೈತರು ತಮ್ಮ ಉತ್ಪನ್ನಗಳಿಗೆ ಹೆಚ್ಚಿನ ಬೆಲೆ ಪಡೆಯಲು ಸಾಧ್ಯವಾಗುತ್ತದೆ. ಈ ಮೇಳದ ಪ್ರಮುಖ ಆಕರ್ಷಣೆಯಾದ ಜಗತ್ತಿನ ದುಬಾರಿ ದ್ರಾಕ್ಷಿಯಾದ ಜಪಾನಿನ ರೂಬಿ ರೋಮನ್ ದ್ರಾಕ್ಷಿ ಹಣ್ಣಿನ ಪ್ರದರ್ಶನವನ್ನು ವೀಕ್ಷಿಸಲು ಸಾರ್ವಜನಿಕರು ಹಾಗೂ ರೈತರು ಆಗಮಿಸಿದ್ದರು. ಪ್ರತಿವರ್ಷ ಈ ಮೇಳವನ್ನು ಆಯೋಜಿಸಲಾಗುತ್ತಿದ್ದು, ಇದಕ್ಕೆ ಉತ್ತಮ ಸ್ಪಂದನೆ ದೊರೆಯುತ್ತಿದೆ. ಹೀಗೆ ಒಟ್ಟಾರೆ ರೈತರು ತಮ್ಮ ಬೆಳೆಗಳನ್ನು ಉತ್ತಮ ಸೇವೆಯೊಂದಿಗೆ ಗ್ರಾಹಕರಿಗೆ ತಲುಪಿಸಲು ಈ ಮೇಳ ಸಹಕಾರಿಯಾಯಿತು. ಈ ಮೇಳವು ರೈತರು ಹಣ್ಣುಗಳ ಉತ್ತಮ ಮಾರುಕಟ್ಟೆ ಒದಗಿಸುವಲ್ಲಿ ಯಶಸ್ವಿಯಾಗಿದೆ ಎಂದು ತೋಟಗಾರಿಕೆ ಇಲಾಖೆಯ ಉಪನಿರ್ದೇಶಕರು ತಿಳಿಸಿದ್ದಾರೆ. ಈ ಮೇಳದಲ್ಲಿ ಗ್ರಾಹಕರು ಭಾಗವಹಿಸಿ ದಾಖಲೆಯ ವಹಿವಾಟು ನಡೆಸಿದರು.
